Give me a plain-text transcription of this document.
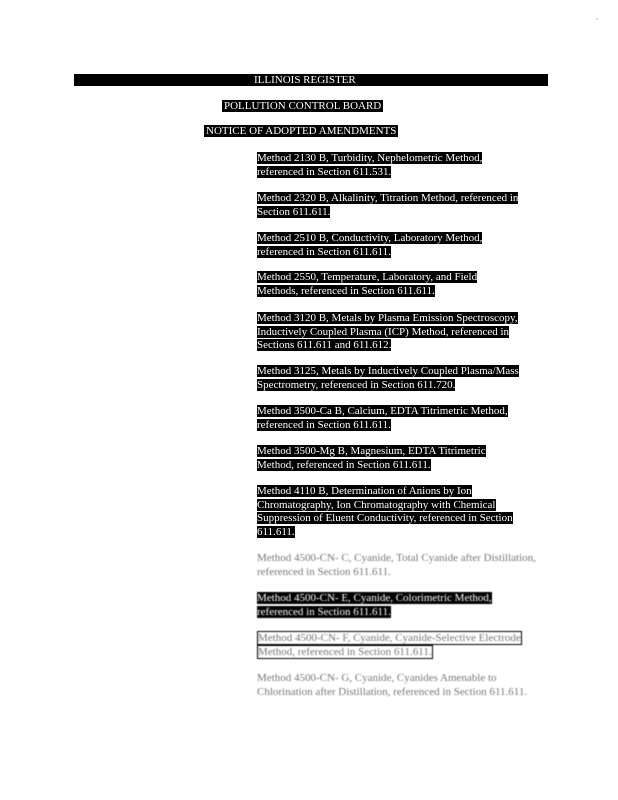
ILLINOIS REGISTER
POLLUTION CONTROL BOARD
NOTICE OF ADOPTED AMENDMENTS
Method 2130 B, Turbidity, Nephelometric Method, referenced in Section 611.531.
Method 2320 B, Alkalinity, Titration Method, referenced in Section 611.611.
Method 2510 B, Conductivity, Laboratory Method, referenced in Section 611.611.
Method 2550, Temperature, Laboratory, and Field Methods, referenced in Section 611.611.
Method 3120 B, Metals by Plasma Emission Spectroscopy, Inductively Coupled Plasma (ICP) Method, referenced in Sections 611.611 and 611.612.
Method 3125, Metals by Inductively Coupled Plasma/Mass Spectrometry, referenced in Section 611.720.
Method 3500-Ca B, Calcium, EDTA Titrimetric Method, referenced in Section 611.611.
Method 3500-Mg B, Magnesium, EDTA Titrimetric Method, referenced in Section 611.611.
Method 4110 B, Determination of Anions by Ion Chromatography, Ion Chromatography with Chemical Suppression of Eluent Conductivity, referenced in Section 611.611.
Method 4500-CN- C, Cyanide, Total Cyanide after Distillation, referenced in Section 611.611.
Method 4500-CN- E, Cyanide, Colorimetric Method, referenced in Section 611.611.
Method 4500-CN- F, Cyanide, Cyanide-Selective Electrode Method, referenced in Section 611.611.
Method 4500-CN- G, Cyanide, Cyanides Amenable to Chlorination after Distillation, referenced in Section 611.611.
